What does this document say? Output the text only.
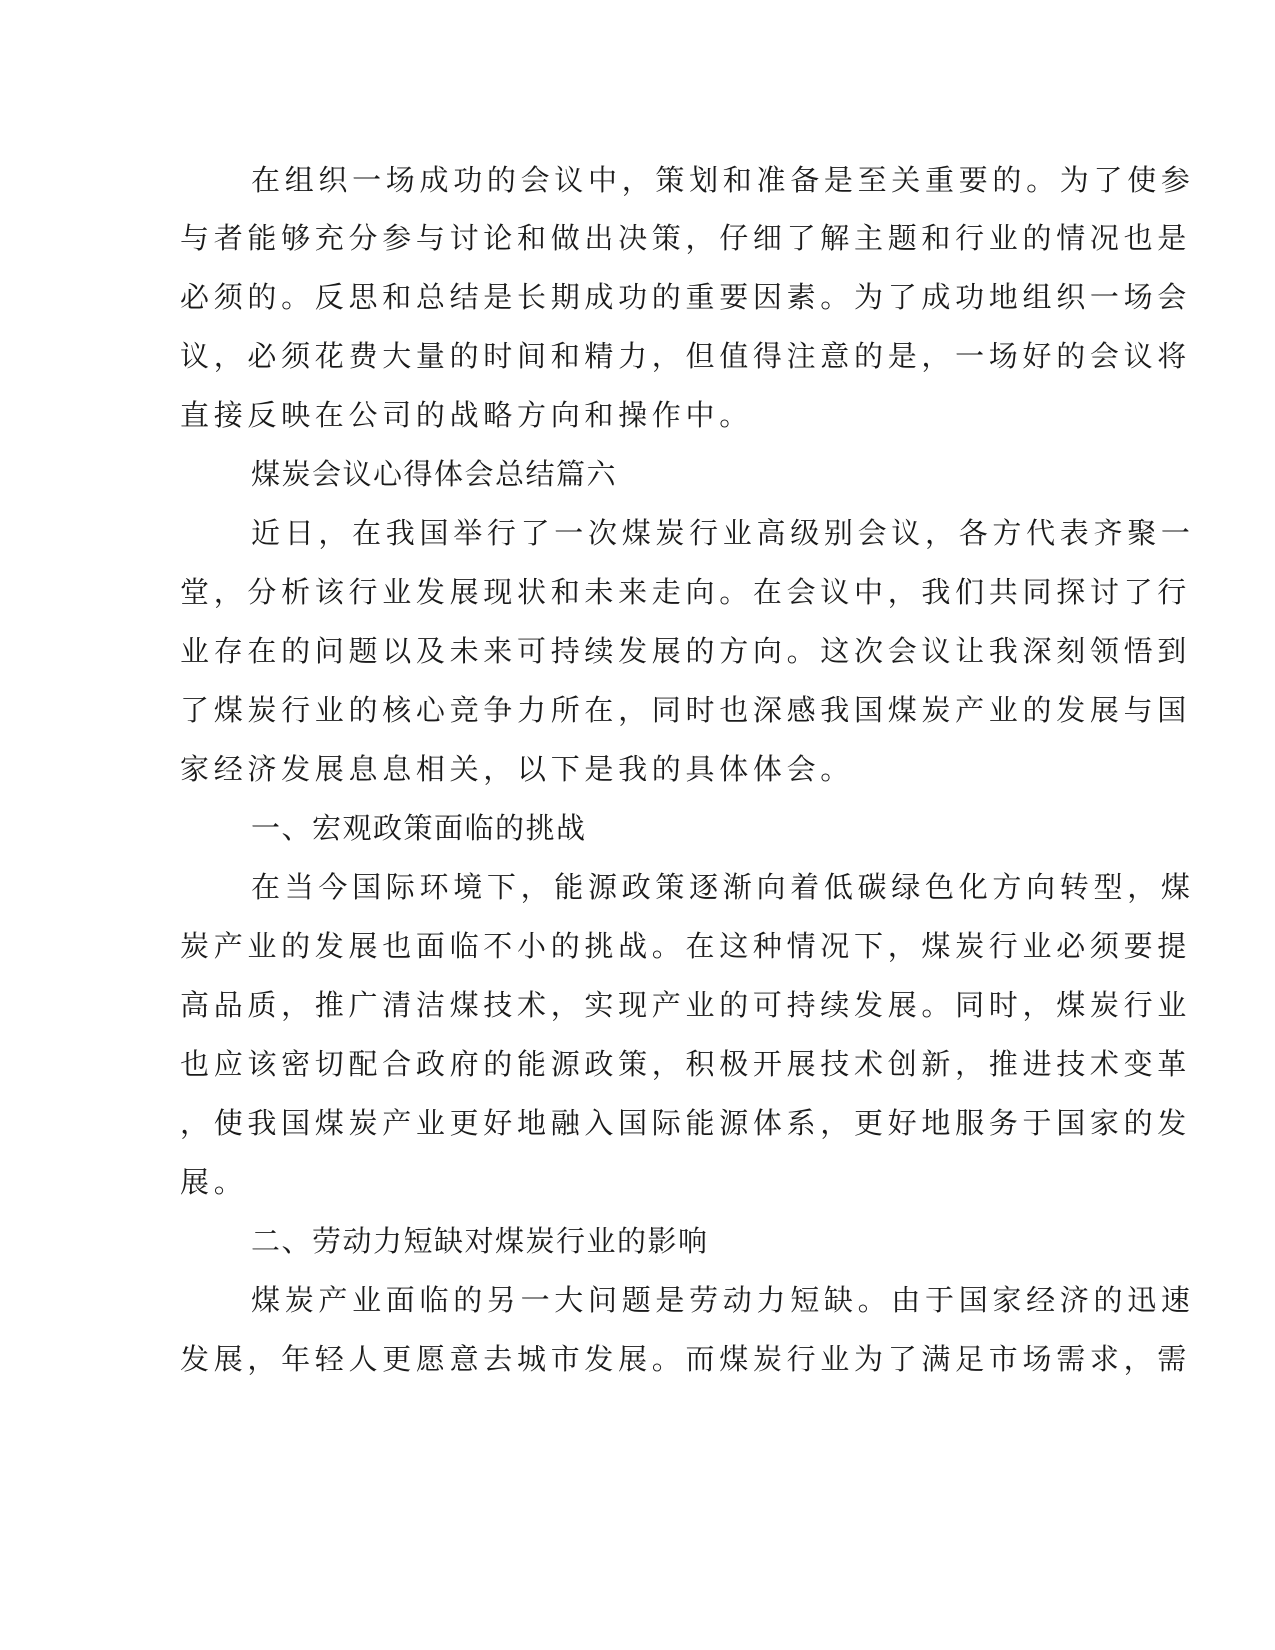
在组织一场成功的会议中，策划和准备是至关重要的。为了使参
与者能够充分参与讨论和做出决策，仔细了解主题和行业的情况也是
必须的。反思和总结是长期成功的重要因素。为了成功地组织一场会
议，必须花费大量的时间和精力，但值得注意的是，一场好的会议将
直接反映在公司的战略方向和操作中。
煤炭会议心得体会总结篇六
近日，在我国举行了一次煤炭行业高级别会议，各方代表齐聚一
堂，分析该行业发展现状和未来走向。在会议中，我们共同探讨了行
业存在的问题以及未来可持续发展的方向。这次会议让我深刻领悟到
了煤炭行业的核心竞争力所在，同时也深感我国煤炭产业的发展与国
家经济发展息息相关，以下是我的具体体会。
一、宏观政策面临的挑战
在当今国际环境下，能源政策逐渐向着低碳绿色化方向转型，煤
炭产业的发展也面临不小的挑战。在这种情况下，煤炭行业必须要提
高品质，推广清洁煤技术，实现产业的可持续发展。同时，煤炭行业
也应该密切配合政府的能源政策，积极开展技术创新，推进技术变革
，使我国煤炭产业更好地融入国际能源体系，更好地服务于国家的发
展。
二、劳动力短缺对煤炭行业的影响
煤炭产业面临的另一大问题是劳动力短缺。由于国家经济的迅速
发展，年轻人更愿意去城市发展。而煤炭行业为了满足市场需求，需
